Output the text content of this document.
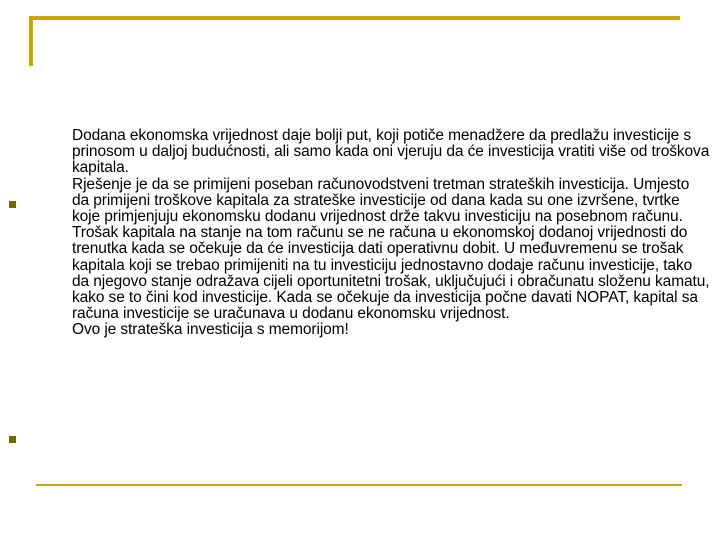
Dodana ekonomska vrijednost daje bolji put, koji potiče menadžere da predlažu investicije s prinosom u daljoj budućnosti, ali samo kada oni vjeruju da će investicija vratiti više od troškova kapitala.
Rješenje je da se primijeni poseban računovodstveni tretman strateških investicija. Umjesto da primijeni troškove kapitala za strateške investicije od dana kada su one izvršene, tvrtke koje primjenjuju ekonomsku dodanu vrijednost drže takvu investiciju na posebnom računu. Trošak kapitala na stanje na tom računu se ne računa u ekonomskoj dodanoj vrijednosti do trenutka kada se očekuje da će investicija dati operativnu dobit. U međuvremenu se trošak kapitala koji se trebao primijeniti na tu investiciju jednostavno dodaje računu investicije, tako da njegovo stanje odražava cijeli oportunitetni trošak, uključujući i obračunatu složenu kamatu, kako se to čini kod investicije. Kada se očekuje da investicija počne davati NOPAT, kapital sa računa investicije se uračunava u dodanu ekonomsku vrijednost.
Ovo je strateška investicija s memorijom!
